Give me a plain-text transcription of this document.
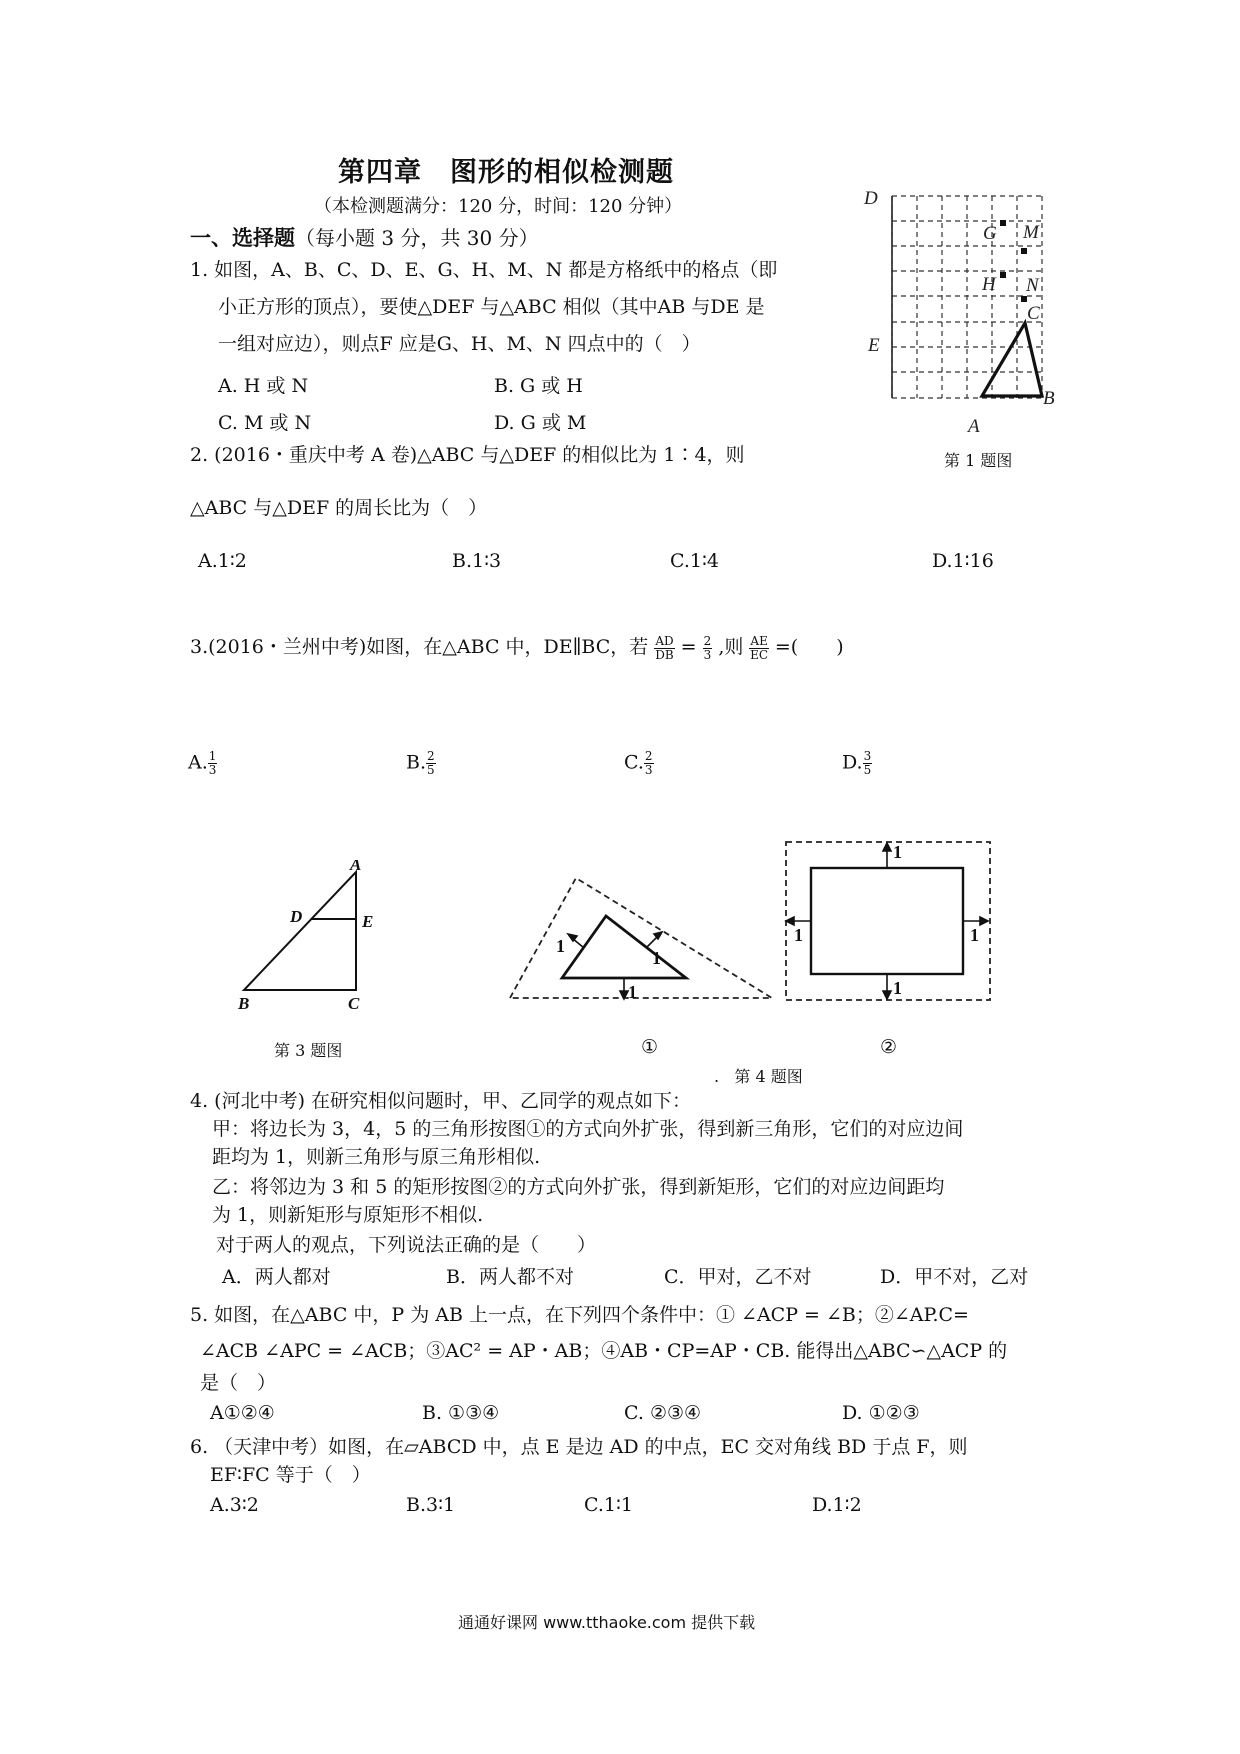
第四章　图形的相似检测题
（本检测题满分：120 分，时间：120 分钟）
一、选择题（每小题 3 分，共 30 分）
1. 如图，A、B、C、D、E、G、H、M、N 都是方格纸中的格点（即
小正方形的顶点），要使△DEF 与△ABC 相似（其中AB 与DE 是
一组对应边），则点F 应是G、H、M、N 四点中的（　）
A. H 或 N	B. G 或 H
C. M 或 N	D. G 或 M
D
G M
H N
C
E
B
A
第 1 题图
2. (2016・重庆中考 A 卷)△ABC 与△DEF 的相似比为 1∶4，则
△ABC 与△DEF 的周长比为（　）
A.1∶2	B.1∶3	C.1∶4	D.1∶16
3.(2016・兰州中考)如图，在△ABC 中，DE∥BC，若 $\frac{AD}{DB} = \frac{2}{3}$ ,则 $\frac{AE}{EC}$ =(　　)
A. $\frac{1}{3}$	B. $\frac{2}{5}$	C. $\frac{2}{3}$	D. $\frac{3}{5}$
A
D	E
B	C
第 3 题图
1
1
1
①
1
1
1	1
②
. 第 4 题图
4. (河北中考) 在研究相似问题时，甲、乙同学的观点如下：
甲：将边长为 3，4，5 的三角形按图①的方式向外扩张，得到新三角形，它们的对应边间
距均为 1，则新三角形与原三角形相似.
乙：将邻边为 3 和 5 的矩形按图②的方式向外扩张，得到新矩形，它们的对应边间距均
为 1，则新矩形与原矩形不相似.
对于两人的观点，下列说法正确的是（　　）
A．两人都对	B．两人都不对	C．甲对，乙不对	D．甲不对，乙对
5. 如图，在△ABC 中，P 为 AB 上一点，在下列四个条件中：① ∠ACP = ∠B；②∠AP.C=
∠ACB ∠APC = ∠ACB；③AC² = AP・AB；④AB・CP=AP・CB. 能得出△ABC∽△ACP 的
是（　）
A①②④	B. ①③④	C. ②③④	D. ①②③
6. （天津中考）如图，在▱ABCD 中，点 E 是边 AD 的中点，EC 交对角线 BD 于点 F，则
EF∶FC 等于（　）
A.3∶2	B.3∶1	C.1∶1	D.1∶2
通通好课网 www.tthaoke.com 提供下载
